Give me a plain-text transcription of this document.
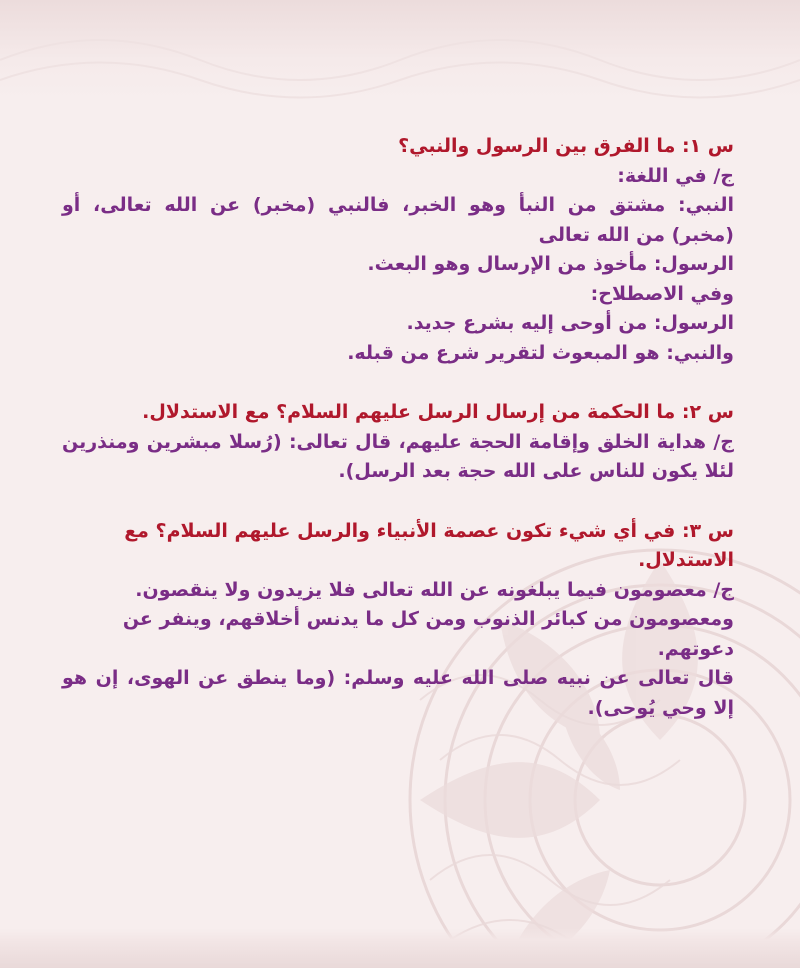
س ١: ما الفرق بين الرسول والنبي؟

ج/ في اللغة:

النبي: مشتق من النبأ وهو الخبر، فالنبي (مخبر) عن الله تعالى، أو (مخبر) من الله تعالى

الرسول: مأخوذ من الإرسال وهو البعث.

وفي الاصطلاح:

الرسول: من أوحى إليه بشرع جديد.

والنبي: هو المبعوث لتقرير شرع من قبله.

س ٢: ما الحكمة من إرسال الرسل عليهم السلام؟ مع الاستدلال.

ج/ هداية الخلق وإقامة الحجة عليهم، قال تعالى: (رُسلا مبشرين ومنذرين لئلا يكون للناس على الله حجة بعد الرسل).

س ٣: في أي شيء تكون عصمة الأنبياء والرسل عليهم السلام؟ مع الاستدلال.

ج/ معصومون فيما يبلغونه عن الله تعالى فلا يزيدون ولا ينقصون.

ومعصومون من كبائر الذنوب ومن كل ما يدنس أخلاقهم، وينفر عن دعوتهم.

قال تعالى عن نبيه صلى الله عليه وسلم: (وما ينطق عن الهوى، إن هو إلا وحي يُوحى).
